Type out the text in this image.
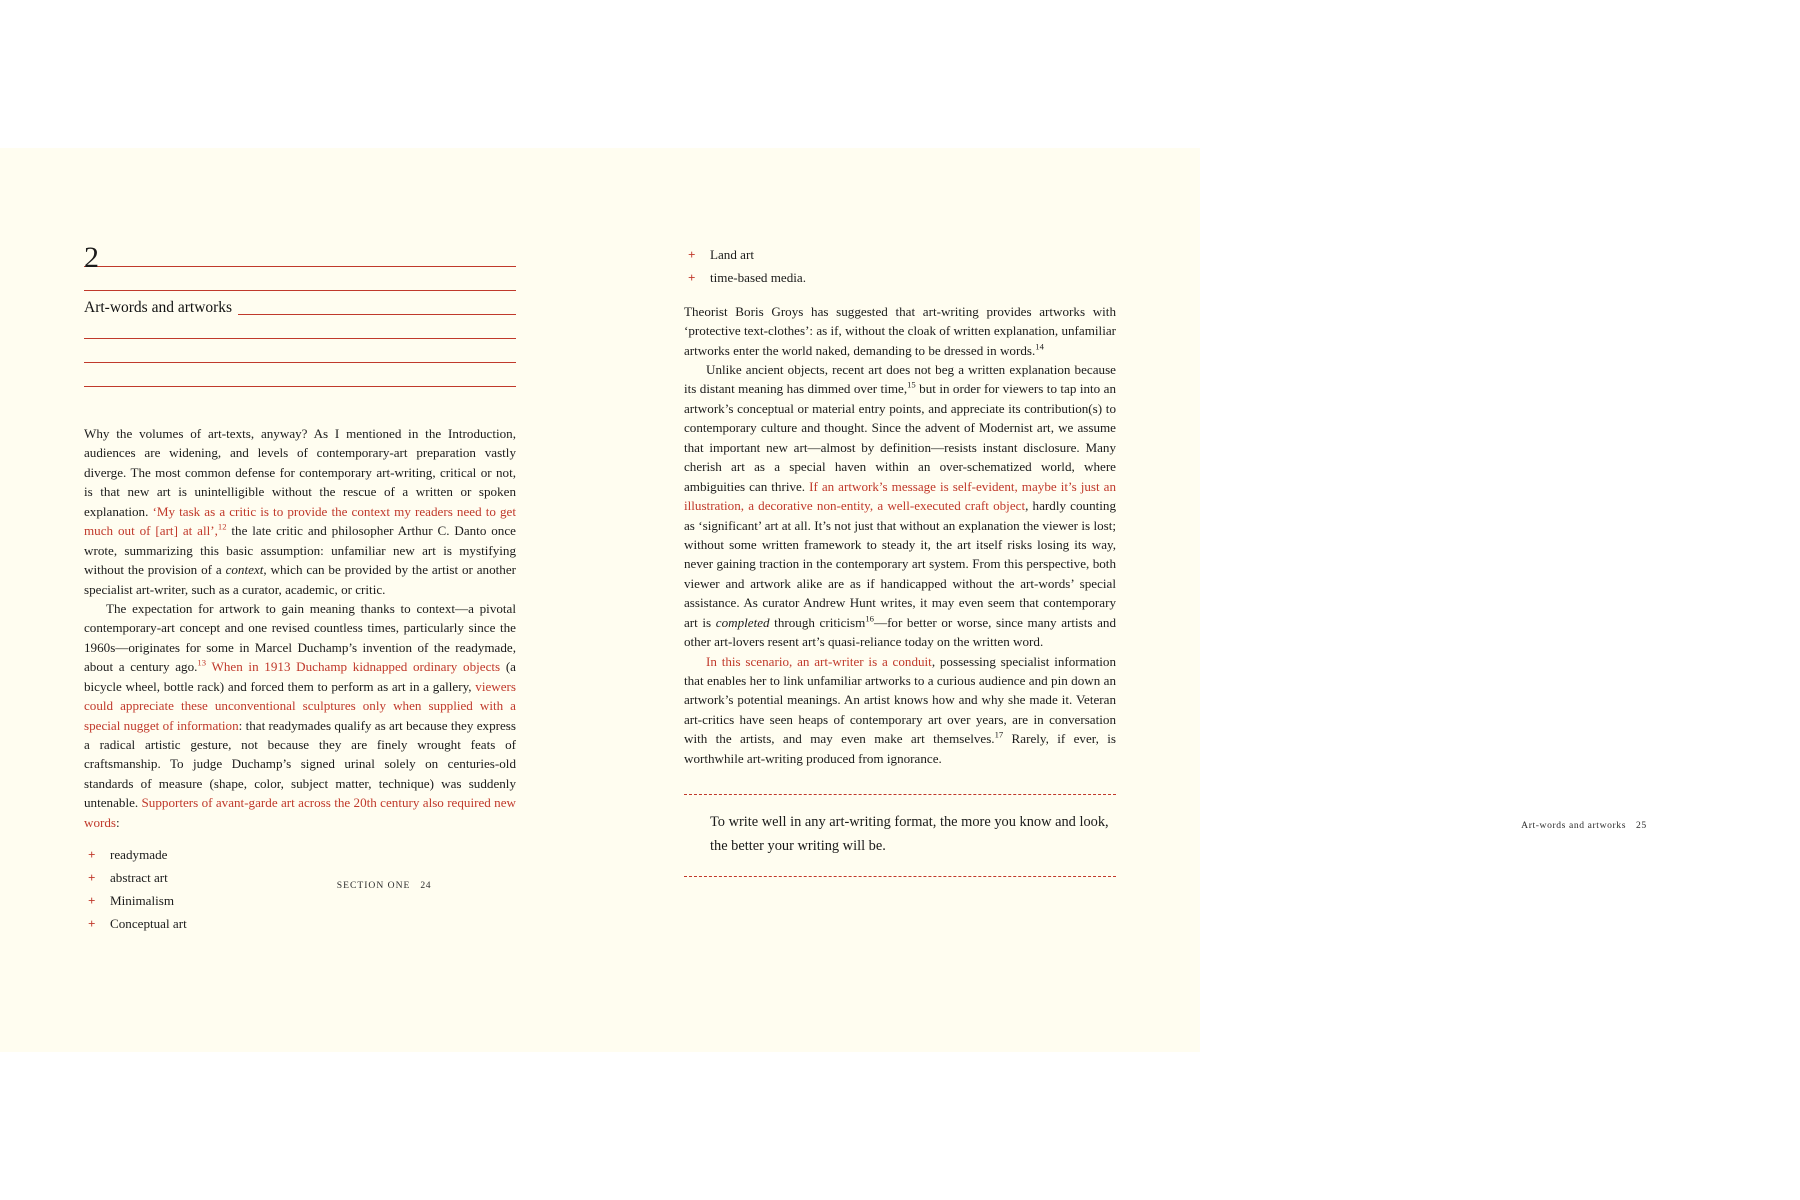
2
Art-words and artworks

Why the volumes of art-texts, anyway? As I mentioned in the Introduction, audiences are widening, and levels of contemporary-art preparation vastly diverge. The most common defense for contemporary art-writing, critical or not, is that new art is unintelligible without the rescue of a written or spoken explanation. ‘My task as a critic is to provide the context my readers need to get much out of [art] at all’,$^{12}$ the late critic and philosopher Arthur C. Danto once wrote, summarizing this basic assumption: unfamiliar new art is mystifying without the provision of a context, which can be provided by the artist or another specialist art-writer, such as a curator, academic, or critic.

The expectation for artwork to gain meaning thanks to context—a pivotal contemporary-art concept and one revised countless times, particularly since the 1960s—originates for some in Marcel Duchamp’s invention of the readymade, about a century ago.$^{13}$ When in 1913 Duchamp kidnapped ordinary objects (a bicycle wheel, bottle rack) and forced them to perform as art in a gallery, viewers could appreciate these unconventional sculptures only when supplied with a special nugget of information: that readymades qualify as art because they express a radical artistic gesture, not because they are finely wrought feats of craftsmanship. To judge Duchamp’s signed urinal solely on centuries-old standards of measure (shape, color, subject matter, technique) was suddenly untenable. Supporters of avant-garde art across the 20th century also required new words:

+ readymade
+ abstract art
+ Minimalism
+ Conceptual art
SECTION ONE 24
+ Land art
+ time-based media.

Theorist Boris Groys has suggested that art-writing provides artworks with ‘protective text-clothes’: as if, without the cloak of written explanation, unfamiliar artworks enter the world naked, demanding to be dressed in words.$^{14}$

Unlike ancient objects, recent art does not beg a written explanation because its distant meaning has dimmed over time,$^{15}$ but in order for viewers to tap into an artwork’s conceptual or material entry points, and appreciate its contribution(s) to contemporary culture and thought. Since the advent of Modernist art, we assume that important new art—almost by definition—resists instant disclosure. Many cherish art as a special haven within an over-schematized world, where ambiguities can thrive. If an artwork’s message is self-evident, maybe it’s just an illustration, a decorative non-entity, a well-executed craft object, hardly counting as ‘significant’ art at all. It’s not just that without an explanation the viewer is lost; without some written framework to steady it, the art itself risks losing its way, never gaining traction in the contemporary art system. From this perspective, both viewer and artwork alike are as if handicapped without the art-words’ special assistance. As curator Andrew Hunt writes, it may even seem that contemporary art is completed through criticism$^{16}$—for better or worse, since many artists and other art-lovers resent art’s quasi-reliance today on the written word.

In this scenario, an art-writer is a conduit, possessing specialist information that enables her to link unfamiliar artworks to a curious audience and pin down an artwork’s potential meanings. An artist knows how and why she made it. Veteran art-critics have seen heaps of contemporary art over years, are in conversation with the artists, and may even make art themselves.$^{17}$ Rarely, if ever, is worthwhile art-writing produced from ignorance.

To write well in any art-writing format, the more you know and look, the better your writing will be.
Art-words and artworks 25
